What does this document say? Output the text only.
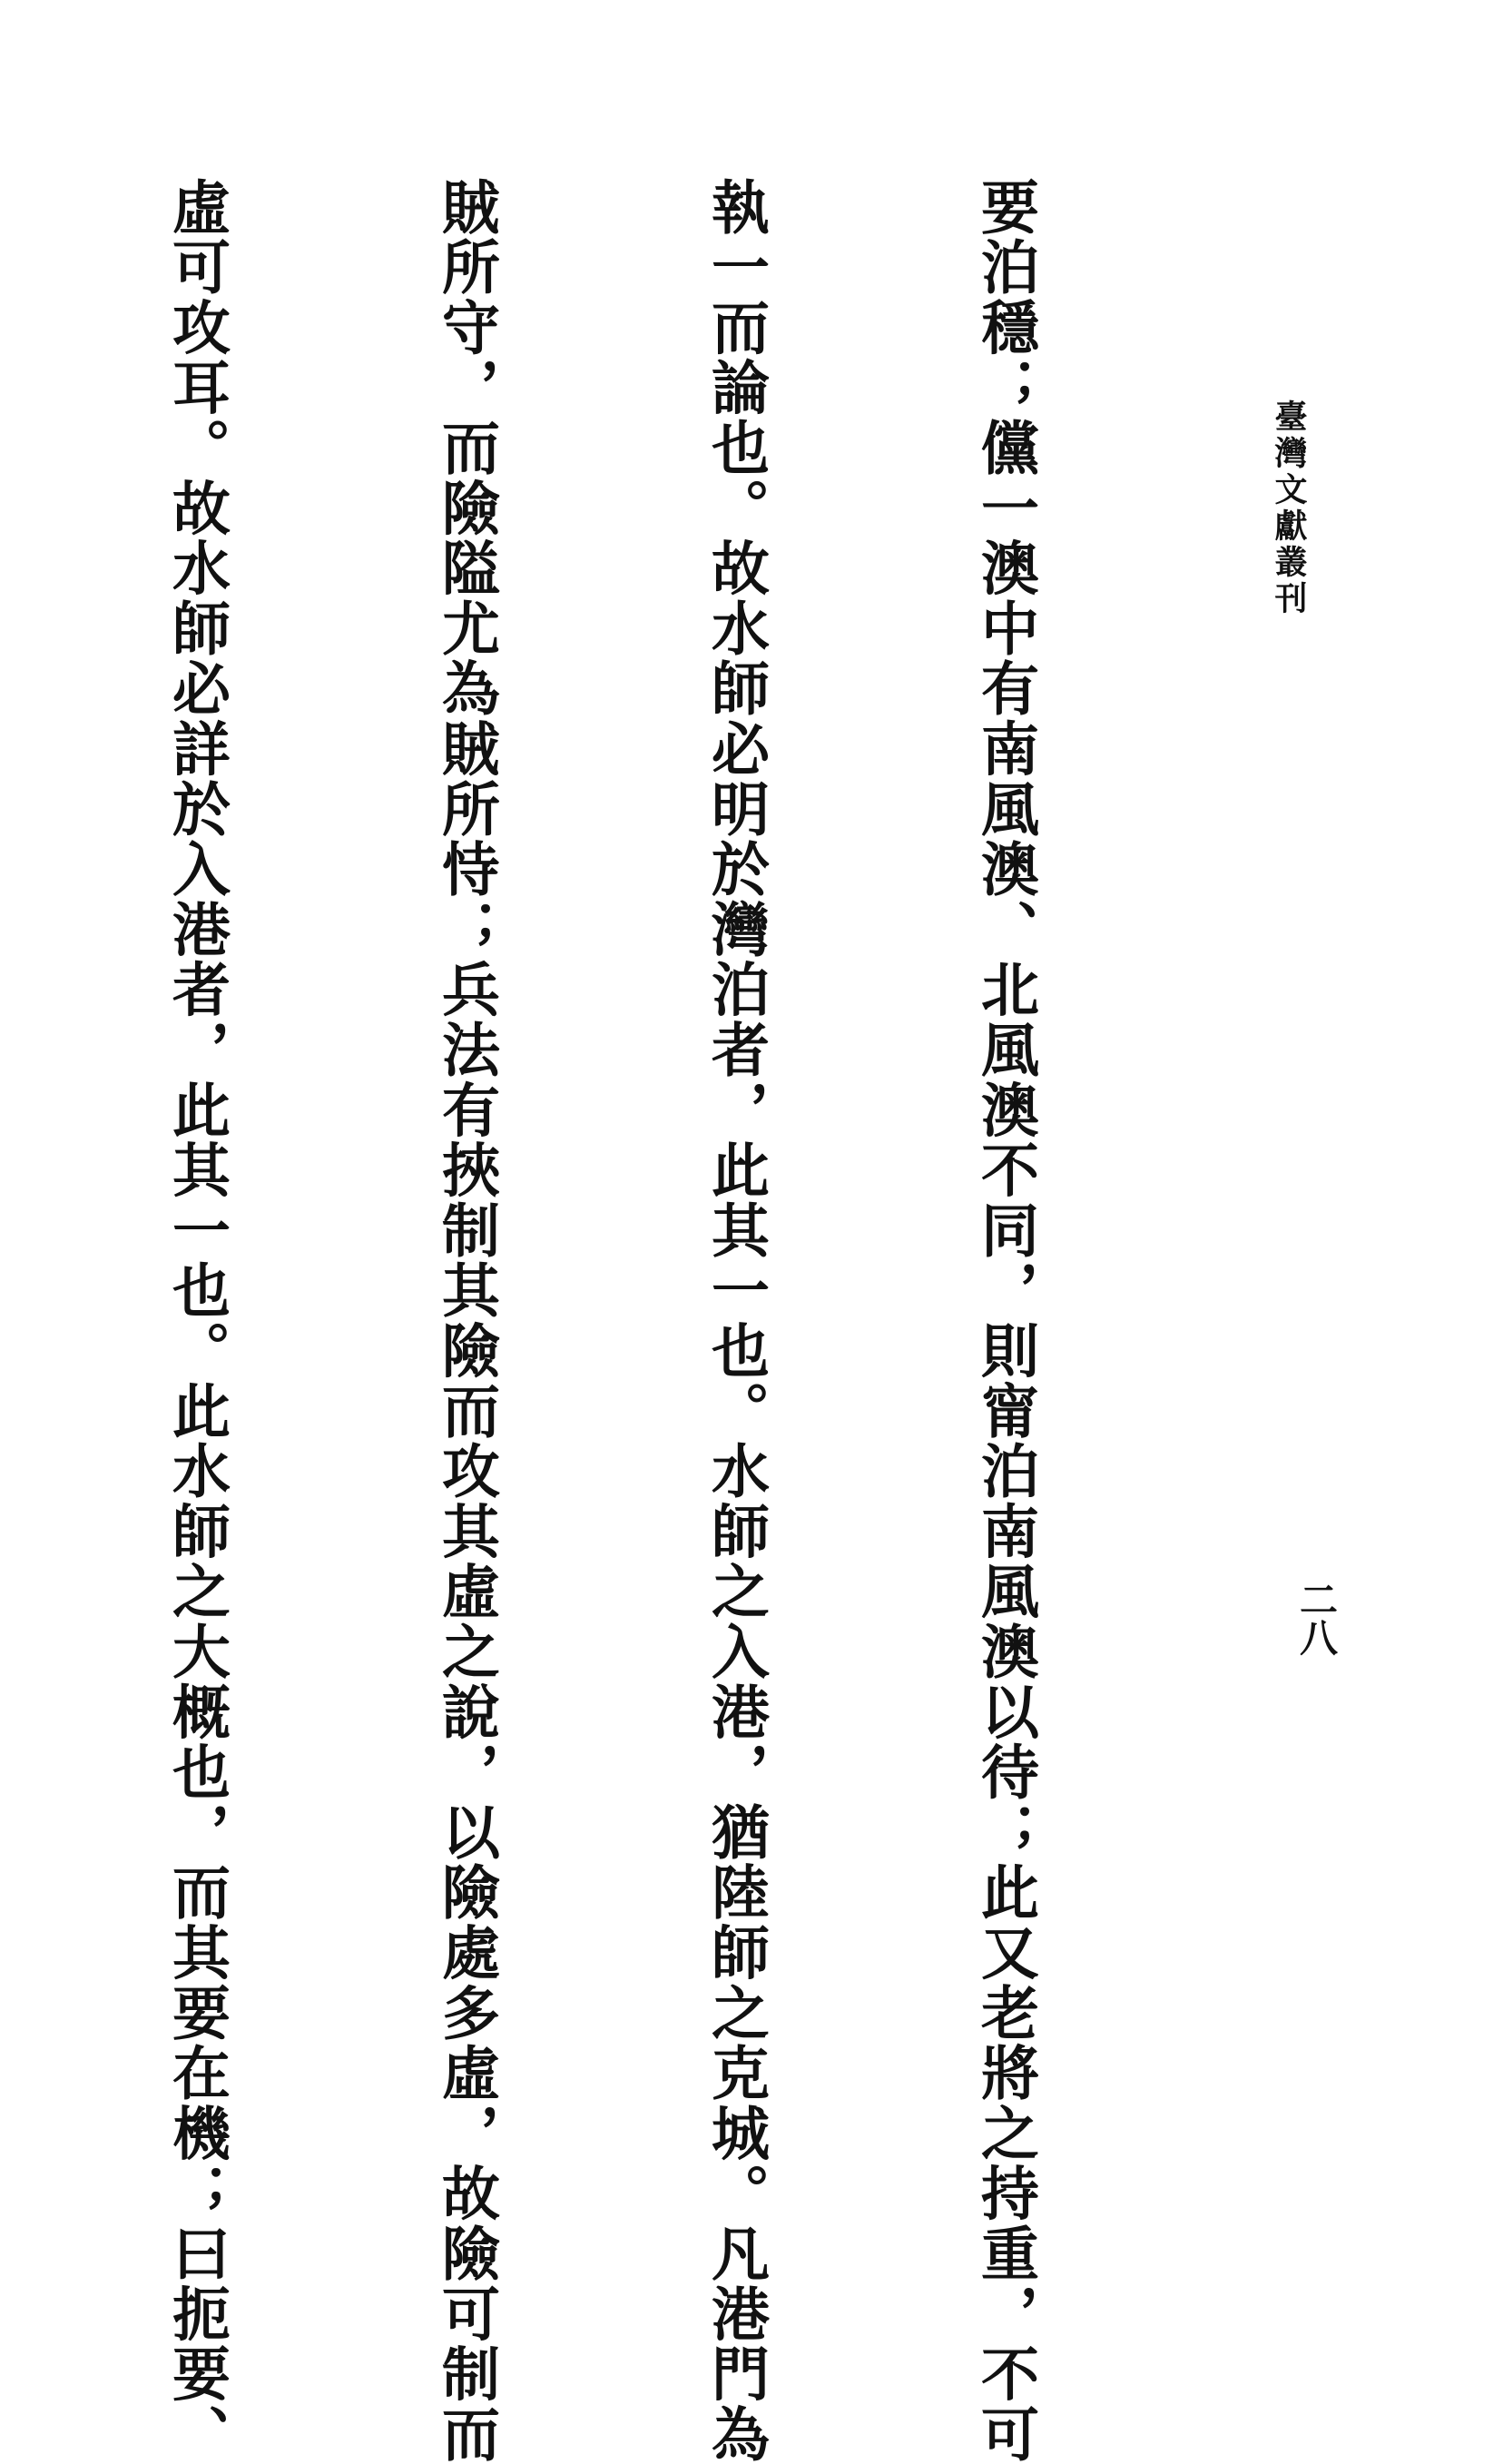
臺灣文獻叢刊
二八

要泊穩；儻一澳中有南風澳、北風澳不同，則甯泊南風澳以待；此又老將之持重，不可

執一而論也。故水師必明於灣泊者，此其一也。水師之入港，猶陸師之克城。凡港門為

賊所守，而險隘尤為賊所恃；兵法有挾制其險而攻其虛之說，以險處多虛，故險可制而

虛可攻耳。故水師必詳於入港者，此其一也。此水師之大概也，而其要在機；曰扼要、
